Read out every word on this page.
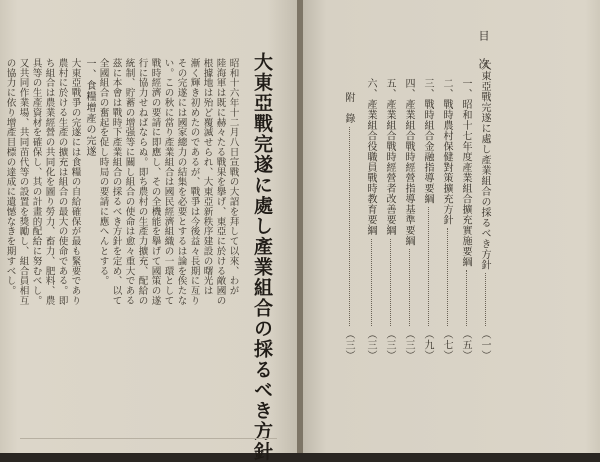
大東亞戰完遂に處し產業組合の採るべき方針
昭和十六年十二月八日宣戰の大詔を拜して以來、わが
陸海軍は既に赫々たる戰果を擧げ、東亞に於ける敵國の
根據地は殆ど覆滅せられ、大東亞新秩序建設の曙光は
漸く輝き初めたのであるが、戰爭は今後益々長期に亙り
その完遂には國家總力の結集を必要とするは論を俟たな
い。この秋に當り產業組合は國民經濟組織の一環として
戰時經濟の要請に即應し、その全機能を擧げて國策の遂
行に協力せねばならぬ。即ち農村の生產力擴充、配給の
統制、貯蓄の增强等に關し組合の使命は愈々重大である
茲に本會は戰時下產業組合の採るべき方針を定め、以て
全國組合の奮起を促し時局の要請に應へんとする。
一、食糧增產の完遂
大東亞戰爭の完遂には食糧の自給確保が最も緊要であり
農村に於ける生產の擴充は組合の最大の使命である。即
ち組合は農業經營の共同化を圖り勞力、畜力、肥料、農
具等の生產資材を確保し、其の計畫的配給に努むべし。
又共同作業場、共同苗代等の設置を獎勵し、組合員相互
の協力に依り增產目標の達成に遺憾なきを期すべし。
目　次
大東亞戰完遂に處し產業組合の採るべき方針
（一）
一、昭和十七年度產業組合擴充實施要綱
（五）
二、戰時農村保健對策擴充方針
（七）
三、戰時組合金融指導要綱
（九）
四、產業組合戰時經營指導基準要綱
（三）
五、產業組合戰時經營者改善要綱
（三）
六、產業組合役職員戰時教育要綱
（三）
附　錄
（三）
